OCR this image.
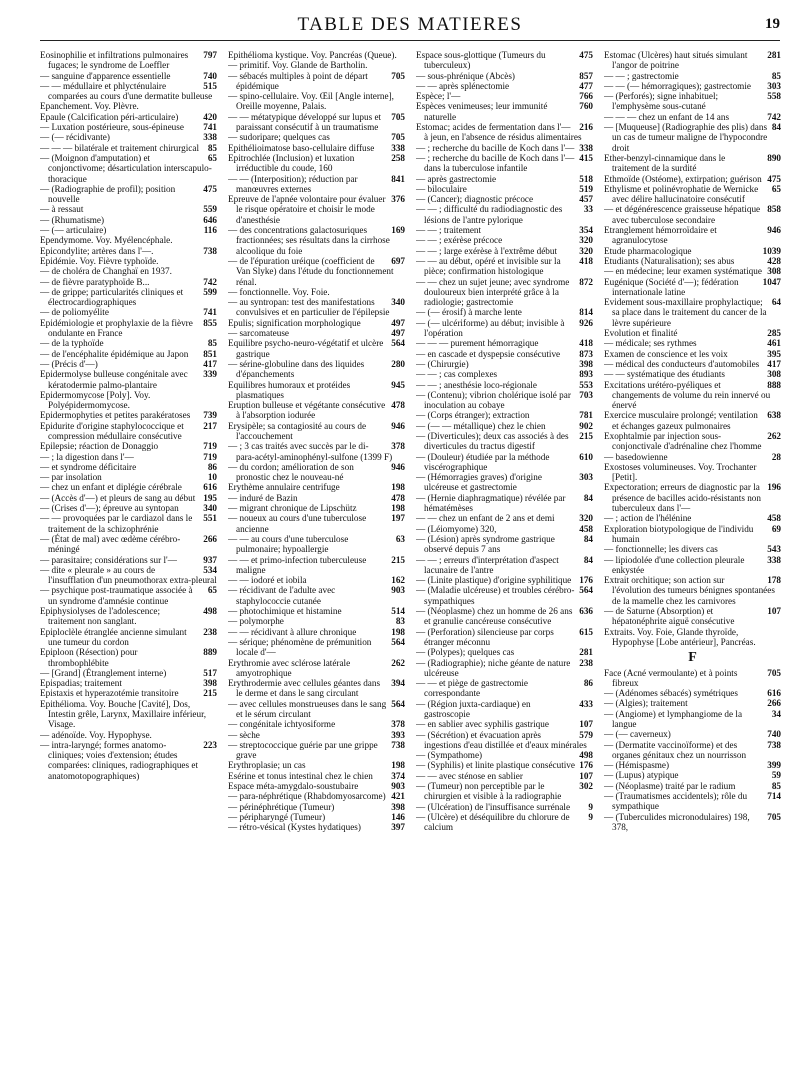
TABLE DES MATIERES	19
797
Eosinophilie et infiltrations pulmonaires fugaces; le syndrome de Loeffler
740
— sanguine d'apparence essentielle
515
— — médullaire et phlycténulaire comparées au cours d'une dermatite bulleuse
Epanchement. Voy. Plèvre.
420
Epaule (Calcification péri-articulaire)
741
— Luxation postérieure, sous-épineuse
338
— (— récidivante)
85
— — — bilatérale et traitement chirurgical
65
— (Moignon d'amputation) et conjonctivome; désarticulation interscapulo-thoracique
475
— (Radiographie de profil); position nouvelle
559
— à ressaut
646
— (Rhumatisme)
116
— (— articulaire)
Ependymome. Voy. Myélencéphale.
738
Epicondylite; artères dans l'—.
Epidémie. Voy. Fièvre typhoïde.
— de choléra de Changhaï en 1937.
742
— de fièvre paratyphoïde B...
599
— de grippe; particularités cliniques et électrocardiographiques
741
— de poliomyélite
855
Epidémiologie et prophylaxie de la fièvre ondulante en France
85
— de la typhoïde
851
— de l'encéphalite épidémique au Japon
417
— (Précis d'—)
339
Epidermolyse bulleuse congénitale avec kératodermie palmo-plantaire
Epidermomycose [Poly]. Voy. Polyépidermomycose.
739
Epidermophyties et petites parakératoses
217
Epidurite d'origine staphylococcique et compression médullaire consécutive
719
Epilepsie; réaction de Donaggio
719
— ; la digestion dans l'—
86
— et syndrome déficitaire
10
— par insolation
616
— chez un enfant et diplégie cérébrale
195
— (Accès d'—) et pleurs de sang au début
340
— (Crises d'—); épreuve au syntopan
551
— — provoquées par le cardiazol dans le traitement de la schizophrénie
266
— (État de mal) avec œdème cérébro-méningé
937
— parasitaire; considérations sur l'—
534
— dite « pleurale » au cours de l'insufflation d'un pneumothorax extra-pleural
65
— psychique post-traumatique associée à un syndrome d'amnésie continue
498
Epiphysiolyses de l'adolescence; traitement non sanglant.
238
Epiploclèle étranglée ancienne simulant une tumeur du cordon
889
Epiploon (Résection) pour thrombophlébite
517
— [Grand] (Étranglement interne)
398
Epispadias; traitement
215
Epistaxis et hyperazotémie transitoire
Epithélioma. Voy. Bouche [Cavité], Dos, Intestin grêle, Larynx, Maxillaire inférieur, Visage.
— adénoïde. Voy. Hypophyse.
223
— intra-laryngé; formes anatomo-cliniques; voies d'extension; études comparées: cliniques, radiographiques et anatomotopographiques)
Epithélioma kystique. Voy. Pancréas (Queue).
— primitif. Voy. Glande de Bartholin.
705
— sébacés multiples à point de départ épidémique
— spino-cellulaire. Voy. Œil [Angle interne], Oreille moyenne, Palais.
705
— — métatypique développé sur lupus et paraissant consécutif à un traumatisme
705
— sudoripare; quelques cas
338
Epithélioimatose baso-cellulaire diffuse
258
Epitrochlée (Inclusion) et luxation irréductible du coude, 160
841
— — (Interposition); réduction par manœuvres externes
376
Epreuve de l'apnée volontaire pour évaluer le risque opératoire et choisir le mode d'anesthésie
169
— des concentrations galactosuriques fractionnées; ses résultats dans la cirrhose alcoolique du foie
697
— de l'épuration uréique (coefficient de Van Slyke) dans l'étude du fonctionnement rénal.
— fonctionnelle. Voy. Foie.
340
— au syntropan: test des manifestations convulsives et en particulier de l'épilepsie
497
Epulis; signification morphologique
497
— sarcomateuse
564
Equilibre psycho-neuro-végétatif et ulcère gastrique
280
— sérine-globuline dans des liquides d'épanchements
945
Equilibres humoraux et protéides plasmatiques
478
Eruption bulleuse et végétante consécutive à l'absorption iodurée
946
Erysipèle; sa contagiosité au cours de l'accouchement
378
— ; 3 cas traités avec succès par le di-para-acétyl-aminophényl-sulfone (1399 F)
946
— du cordon; amélioration de son pronostic chez le nouveau-né
198
Erythème annulaire centrifuge
478
— induré de Bazin
198
— migrant chronique de Lipschütz
197
— noueux au cours d'une tuberculose ancienne
63
— — au cours d'une tuberculose pulmonaire; hypoallergie
215
— — et primo-infection tuberculeuse maligne
162
— — iodoré et iobila
903
— récidivant de l'adulte avec staphylococcie cutanée
514
— photochimique et histamine
83
— polymorphe
198
— — récidivant à allure chronique
564
— sérique; phénomène de prémunition locale d'—
262
Erythromie avec sclérose latérale amyotrophique
394
Erythrodermie avec cellules géantes dans le derme et dans le sang circulant
564
— avec cellules monstrueuses dans le sang et le sérum circulant
378
— congénitale ichtyosiforme
393
— sèche
738
— streptococcique guérie par une grippe grave
198
Erythroplasie; un cas
374
Esérine et tonus intestinal chez le chien
903
Espace méta-amygdalo-soustubaire
421
— para-néphrétique (Rhabdomyosarcome)
398
— périnéphrétique (Tumeur)
146
— péripharyngé (Tumeur)
397
— rétro-vésical (Kystes hydatiques)
475
Espace sous-glottique (Tumeurs du tuberculeux)
857
— sous-phrénique (Abcès)
477
— — après splénectomie
766
Espèce; l'—
760
Espèces venimeuses; leur immunité naturelle
216
Estomac; acides de fermentation dans l'— à jeun, en l'absence de résidus alimentaires
338
— ; recherche du bacille de Koch dans l'—
415
— ; recherche du bacille de Koch dans l'— dans la tuberculose infantile
518
— après gastrectomie
519
— biloculaire
457
— (Cancer); diagnostic précoce
33
— — ; difficulté du radiodiagnostic des lésions de l'antre pylorique
354
— — ; traitement
320
— — ; exérèse précoce
320
— — ; large exérèse à l'extrême début
418
— — au début, opéré et invisible sur la pièce; confirmation histologique
872
— — chez un sujet jeune; avec syndrome douloureux bien interprété grâce à la radiologie; gastrectomie
814
— (— érosif) à marche lente
926
— (— ulcériforme) au début; invisible à l'opération
418
— — — purement hémorragique
873
— en cascade et dyspepsie consécutive
398
— (Chirurgie)
893
— — ; cas complexes
553
— — ; anesthésie loco-régionale
703
— (Contenu); vibrion cholérique isolé par inoculation au cobaye
781
— (Corps étranger); extraction
902
— (— — métallique) chez le chien
215
— (Diverticules); deux cas associés à des diverticules du tractus digestif
610
— (Douleur) étudiée par la méthode viscérographique
303
— (Hémorragies graves) d'origine ulcéreuse et gastrectomie
84
— (Hernie diaphragmatique) révélée par hématémèses
320
— — chez un enfant de 2 ans et demi
458
— (Léiomyome) 320,
84
— (Lésion) après syndrome gastrique observé depuis 7 ans
84
— — ; erreurs d'interprétation d'aspect lacunaire de l'antre
176
— (Linite plastique) d'origine syphilitique
564
— (Maladie ulcéreuse) et troubles cérébro-sympathiques
636
— (Néoplasme) chez un homme de 26 ans et granulie cancéreuse consécutive
615
— (Perforation) silencieuse par corps étranger méconnu
281
— (Polypes); quelques cas
238
— (Radiographie); niche géante de nature ulcéreuse
86
— — et piège de gastrectomie correspondante
433
— (Région juxta-cardiaque) en gastroscopie
107
— en sablier avec syphilis gastrique
579
— (Sécrétion) et évacuation après ingestions d'eau distillée et d'eaux minérales
498
— (Sympathome)
176
— (Syphilis) et linite plastique consécutive
107
— — avec sténose en sablier
302
— (Tumeur) non perceptible par le chirurgien et visible à la radiographie
9
— (Ulcération) de l'insuffisance surrénale
9
— (Ulcère) et déséquilibre du chlorure de calcium
281
Estomac (Ulcères) haut situés simulant l'angor de poitrine
85
— — ; gastrectomie
303
— — (— hémorragiques); gastrectomie
558
— (Perforés); signe inhabituel; l'emphysème sous-cutané
742
— — — chez un enfant de 14 ans
84
— [Muqueuse] (Radiographie des plis) dans un cas de tumeur maligne de l'hypocondre droit
890
Ether-benzyl-cinnamique dans le traitement de la surdité
475
Ethmoïde (Ostéome), extirpation; guérison
65
Ethylisme et polinévrophatie de Wernicke avec délire hallucinatoire consécutif
858
— et dégénérescence graisseuse hépatique avec tuberculose secondaire
946
Etranglement hémorroïdaire et agranulocytose
1039
Etude pharmacologique
428
Etudiants (Naturalisation); ses abus
308
— en médecine; leur examen systématique
1047
Eugénique (Société d'—); fédération internationale latine
64
Evidement sous-maxillaire prophylactique; sa place dans le traitement du cancer de la lèvre supérieure
285
Evolution et finalité
461
— médicale; ses rythmes
395
Examen de conscience et les voix
417
— médical des conducteurs d'automobiles
308
— — systématique des étudiants
888
Excitations urétéro-pyéliques et changements de volume du rein innervé ou énervé
638
Exercice musculaire prolongé; ventilation et échanges gazeux pulmonaires
262
Exophtalmie par injection sous-conjonctivale d'adrénaline chez l'homme
28
— basedowienne
Exostoses volumineuses. Voy. Trochanter [Petit].
196
Expectoration; erreurs de diagnostic par la présence de bacilles acido-résistants non tuberculeux dans l'—
458
— ; action de l'hélénine
69
Exploration biotypologique de l'individu humain
543
— fonctionnelle; les divers cas
338
— lipiodolée d'une collection pleurale enkystée
178
Extrait orchitique; son action sur l'évolution des tumeurs bénignes spontanées de la mamelle chez les carnivores
107
— de Saturne (Absorption) et hépatonéphrite aiguë consécutive
Extraits. Voy. Foie, Glande thyroïde, Hypophyse [Lobe antérieur], Pancréas.
F
705
Face (Acné vermoulante) et à points fibreux
616
— (Adénomes sébacés) symétriques
266
— (Algies); traitement
34
— (Angiome) et lymphangiome de la langue
740
— (— caverneux)
738
— (Dermatite vaccinoïforme) et des organes génitaux chez un nourrisson
399
— (Hémispasme)
59
— (Lupus) atypique
85
— (Néoplasme) traité par le radium
714
— (Traumatismes accidentels); rôle du sympathique
705
— (Tuberculides micronodulaires) 198, 378,
